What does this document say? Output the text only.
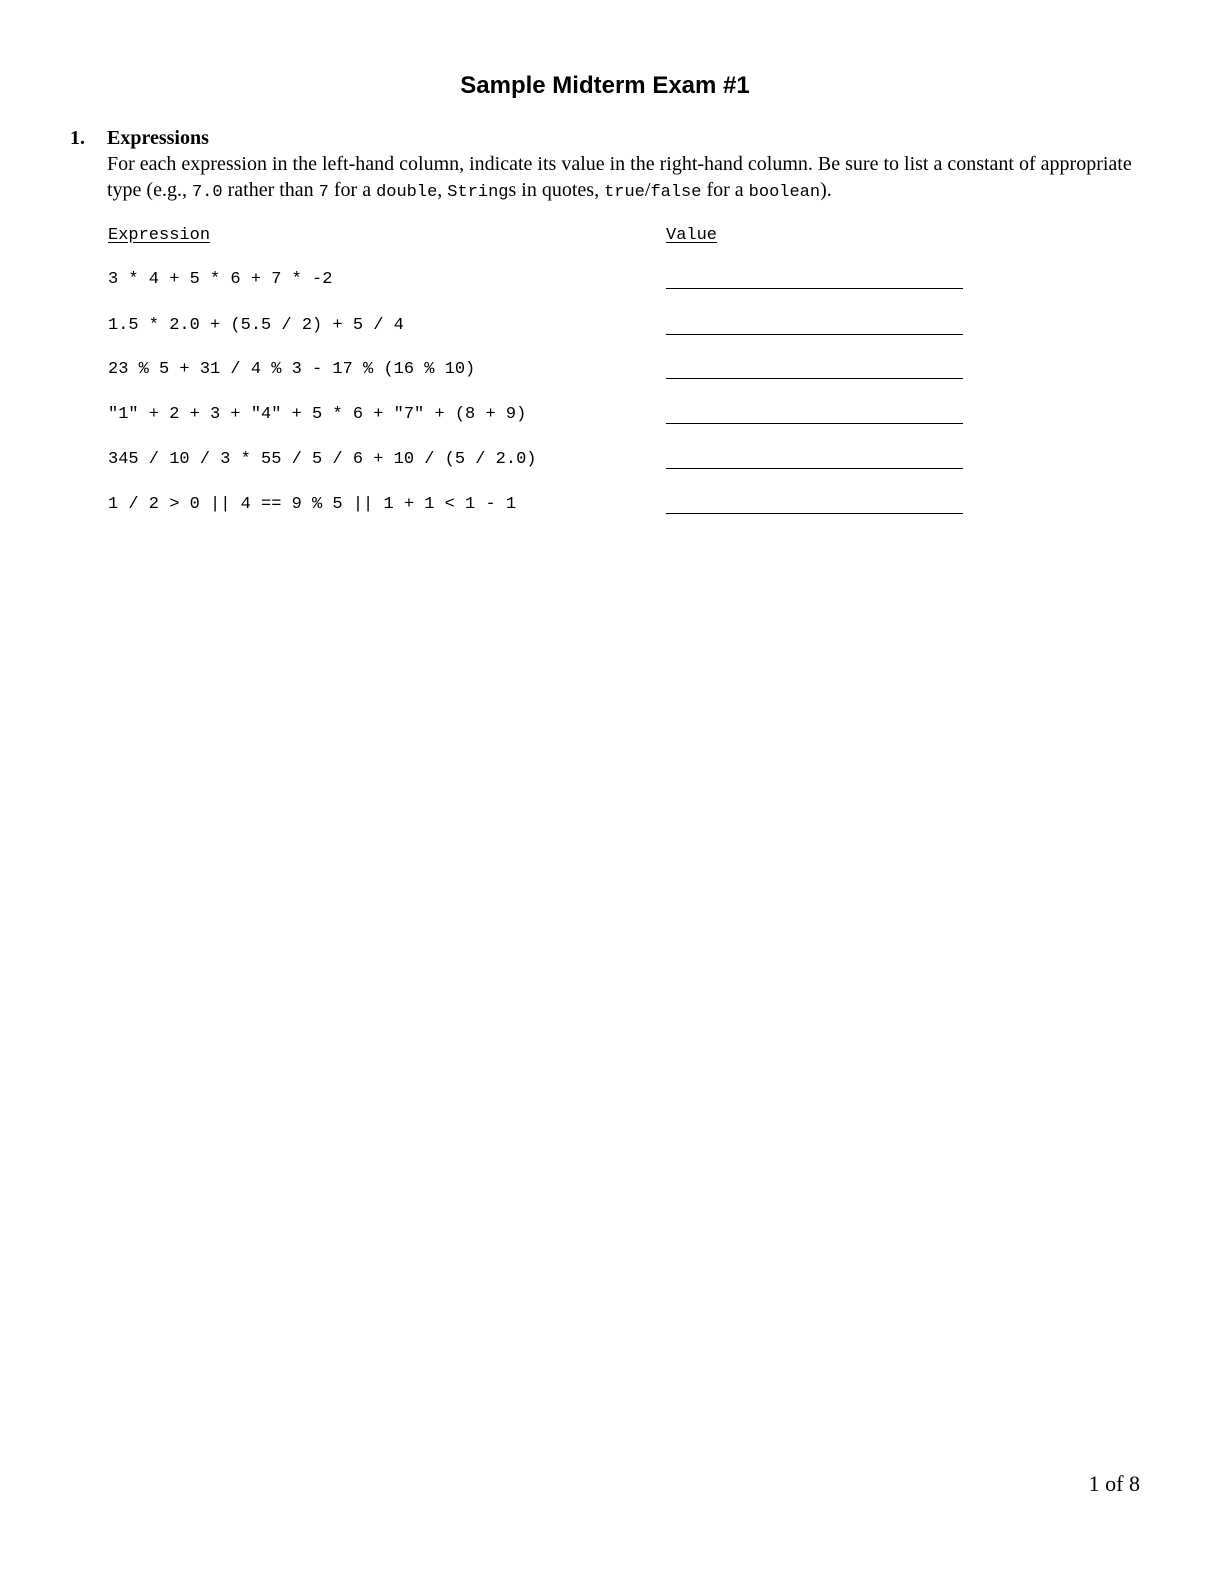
Sample Midterm Exam #1
1.	Expressions
For each expression in the left-hand column, indicate its value in the right-hand column. Be sure to list a constant of appropriate type (e.g., 7.0 rather than 7 for a double, Strings in quotes, true/false for a boolean).
Expression	Value
3 * 4 + 5 * 6 + 7 * -2
1.5 * 2.0 + (5.5 / 2) + 5 / 4
23 % 5 + 31 / 4 % 3 - 17 % (16 % 10)
"1" + 2 + 3 + "4" + 5 * 6 + "7" + (8 + 9)
345 / 10 / 3 * 55 / 5 / 6 + 10 / (5 / 2.0)
1 / 2 > 0 || 4 == 9 % 5 || 1 + 1 < 1 - 1
1 of 8
